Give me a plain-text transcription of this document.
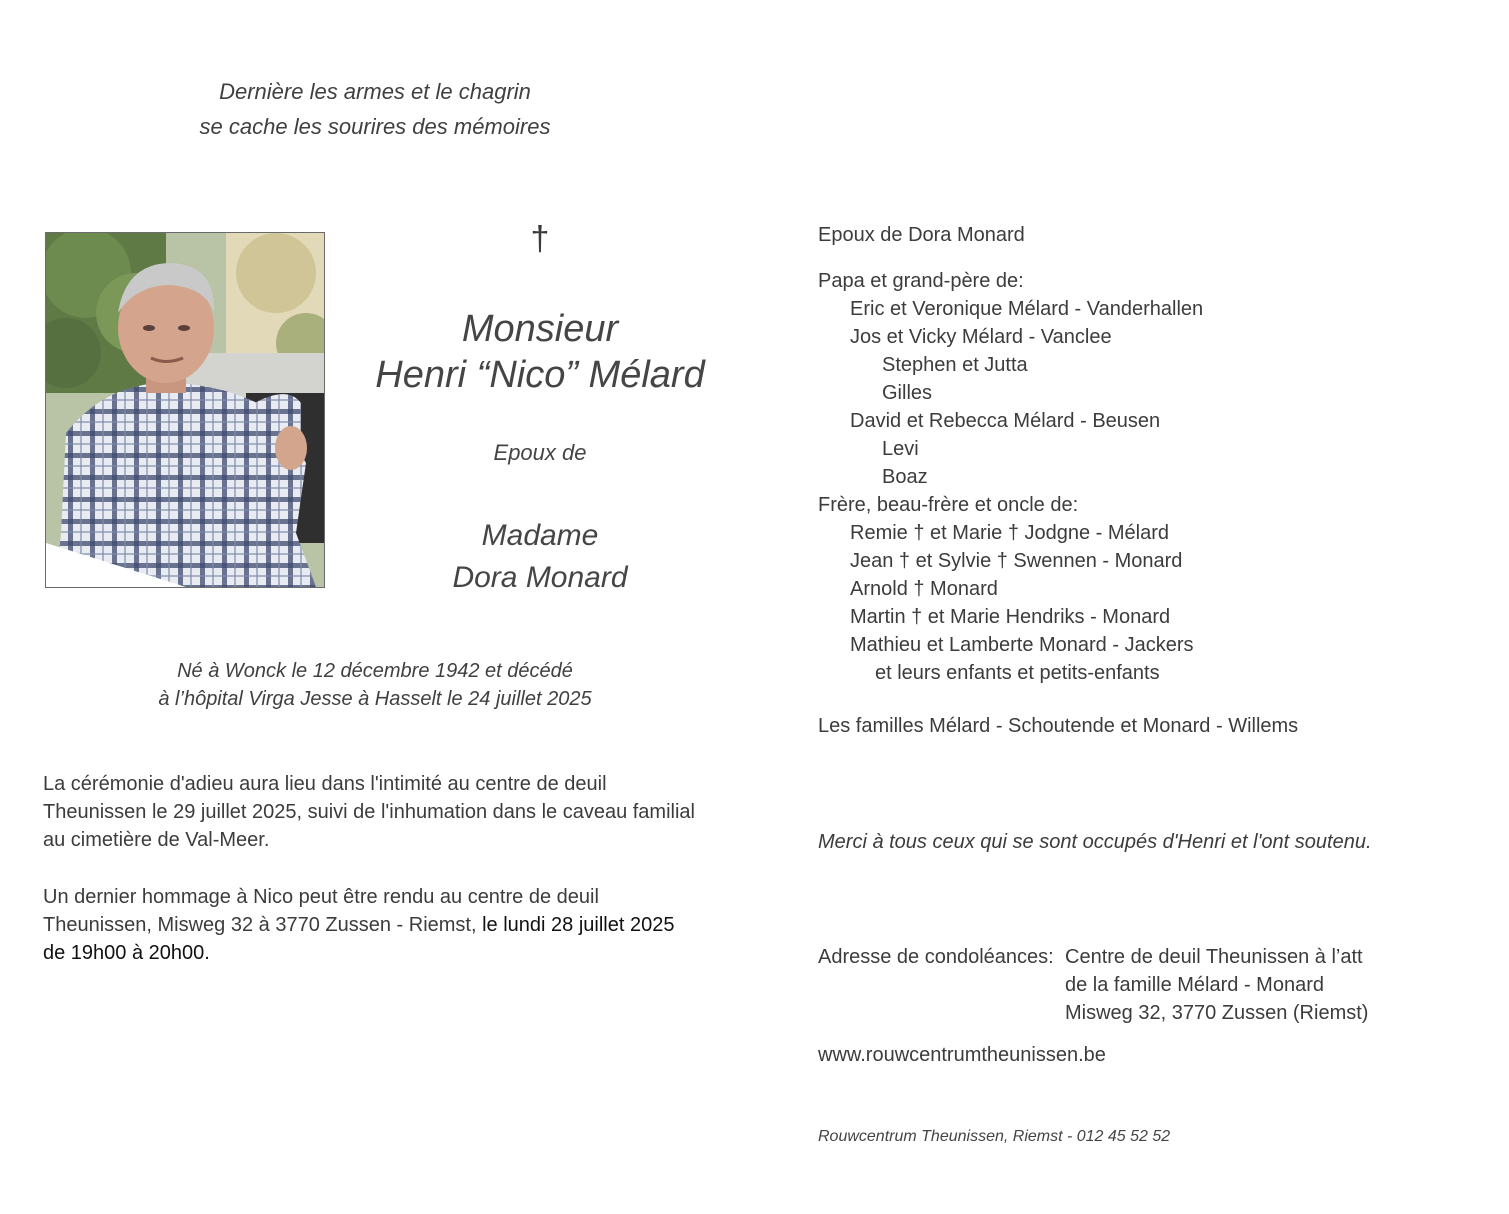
Dernière les armes et le chagrin
se cache les sourires des mémoires
†
Monsieur
Henri “Nico” Mélard
Epoux de
Madame
Dora Monard
Né à Wonck le 12 décembre 1942 et décédé
à l’hôpital Virga Jesse à Hasselt le 24 juillet 2025
La cérémonie d'adieu aura lieu dans l'intimité au centre de deuil
Theunissen le 29 juillet 2025, suivi de l'inhumation dans le caveau familial
au cimetière de Val-Meer.
Un dernier hommage à Nico peut être rendu au centre de deuil
Theunissen, Misweg 32 à 3770 Zussen - Riemst, le lundi 28 juillet 2025
de 19h00 à 20h00.
Epoux de Dora Monard
Papa et grand-père de:
Eric et Veronique Mélard - Vanderhallen
Jos et Vicky Mélard - Vanclee
Stephen et Jutta
Gilles
David et Rebecca Mélard - Beusen
Levi
Boaz
Frère, beau-frère et oncle de:
Remie † et Marie † Jodgne - Mélard
Jean † et Sylvie † Swennen - Monard
Arnold † Monard
Martin † et Marie Hendriks - Monard
Mathieu et Lamberte Monard - Jackers
et leurs enfants et petits-enfants
Les familles Mélard - Schoutende et Monard - Willems
Merci à tous ceux qui se sont occupés d'Henri et l'ont soutenu.
Adresse de condoléances: Centre de deuil Theunissen à l’att
de la famille Mélard - Monard
Misweg 32, 3770 Zussen (Riemst)
www.rouwcentrumtheunissen.be
Rouwcentrum Theunissen, Riemst - 012 45 52 52
